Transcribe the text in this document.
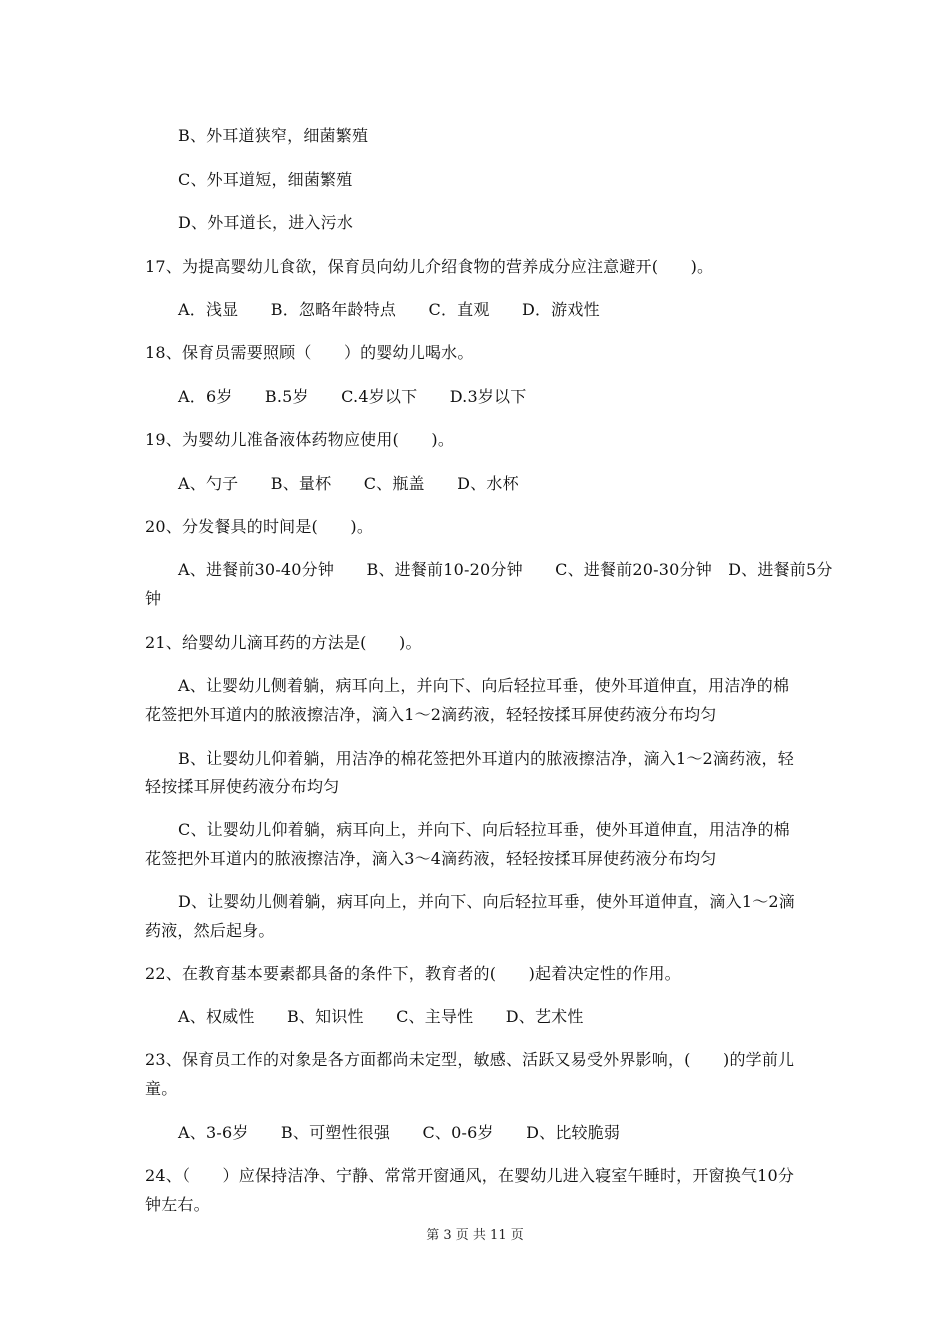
B、外耳道狭窄，细菌繁殖
C、外耳道短，细菌繁殖
D、外耳道长，进入污水
17、为提高婴幼儿食欲，保育员向幼儿介绍食物的营养成分应注意避开(　　)。
A．浅显　　B．忽略年龄特点　　C．直观　　D．游戏性
18、保育员需要照顾（　　）的婴幼儿喝水。
A．6岁　　B.5岁　　C.4岁以下　　D.3岁以下
19、为婴幼儿准备液体药物应使用(　　)。
A、勺子　　B、量杯　　C、瓶盖　　D、水杯
20、分发餐具的时间是(　　)。
A、进餐前30-40分钟　　B、进餐前10-20分钟　　C、进餐前20-30分钟　D、进餐前5分
钟
21、给婴幼儿滴耳药的方法是(　　)。
A、让婴幼儿侧着躺，病耳向上，并向下、向后轻拉耳垂，使外耳道伸直，用洁净的棉
花签把外耳道内的脓液擦洁净，滴入1～2滴药液，轻轻按揉耳屏使药液分布均匀
B、让婴幼儿仰着躺，用洁净的棉花签把外耳道内的脓液擦洁净，滴入1～2滴药液，轻
轻按揉耳屏使药液分布均匀
C、让婴幼儿仰着躺，病耳向上，并向下、向后轻拉耳垂，使外耳道伸直，用洁净的棉
花签把外耳道内的脓液擦洁净，滴入3～4滴药液，轻轻按揉耳屏使药液分布均匀
D、让婴幼儿侧着躺，病耳向上，并向下、向后轻拉耳垂，使外耳道伸直，滴入1～2滴
药液，然后起身。
22、在教育基本要素都具备的条件下，教育者的(　　)起着决定性的作用。
A、权威性　　B、知识性　　C、主导性　　D、艺术性
23、保育员工作的对象是各方面都尚未定型，敏感、活跃又易受外界影响，(　　)的学前儿
童。
A、3-6岁　　B、可塑性很强　　C、0-6岁　　D、比较脆弱
24、（　　）应保持洁净、宁静、常常开窗通风，在婴幼儿进入寝室午睡时，开窗换气10分
钟左右。
第 3 页 共 11 页
